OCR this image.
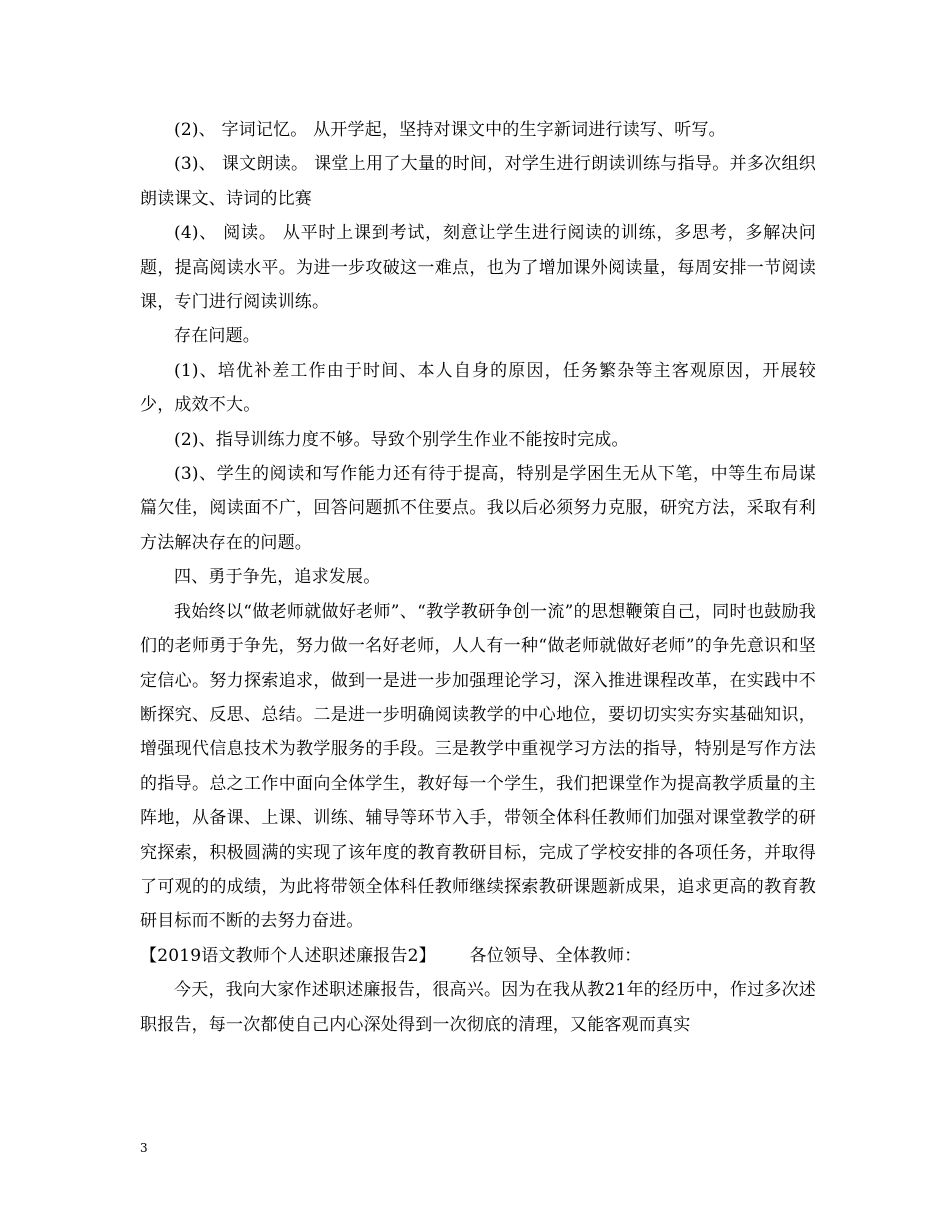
(2)、 字词记忆。 从开学起，坚持对课文中的生字新词进行读写、听写。

(3)、 课文朗读。 课堂上用了大量的时间，对学生进行朗读训练与指导。并多次组织朗读课文、诗词的比赛

(4)、 阅读。 从平时上课到考试，刻意让学生进行阅读的训练，多思考，多解决问题，提高阅读水平。为进一步攻破这一难点，也为了增加课外阅读量，每周安排一节阅读课，专门进行阅读训练。

存在问题。

(1)、培优补差工作由于时间、本人自身的原因，任务繁杂等主客观原因，开展较少，成效不大。

(2)、指导训练力度不够。导致个别学生作业不能按时完成。

(3)、学生的阅读和写作能力还有待于提高，特别是学困生无从下笔，中等生布局谋篇欠佳，阅读面不广，回答问题抓不住要点。我以后必须努力克服，研究方法，采取有利方法解决存在的问题。

四、勇于争先，追求发展。

我始终以“做老师就做好老师”、“教学教研争创一流”的思想鞭策自己，同时也鼓励我们的老师勇于争先，努力做一名好老师，人人有一种“做老师就做好老师”的争先意识和坚定信心。努力探索追求，做到一是进一步加强理论学习，深入推进课程改革，在实践中不断探究、反思、总结。二是进一步明确阅读教学的中心地位，要切切实实夯实基础知识，增强现代信息技术为教学服务的手段。三是教学中重视学习方法的指导，特别是写作方法的指导。总之工作中面向全体学生，教好每一个学生，我们把课堂作为提高教学质量的主阵地，从备课、上课、训练、辅导等环节入手，带领全体科任教师们加强对课堂教学的研究探索，积极圆满的实现了该年度的教育教研目标，完成了学校安排的各项任务，并取得了可观的的成绩，为此将带领全体科任教师继续探索教研课题新成果，追求更高的教育教研目标而不断的去努力奋进。

【2019语文教师个人述职述廉报告2】      各位领导、全体教师：

今天，我向大家作述职述廉报告，很高兴。因为在我从教21年的经历中，作过多次述职报告，每一次都使自己内心深处得到一次彻底的清理，又能客观而真实

3
